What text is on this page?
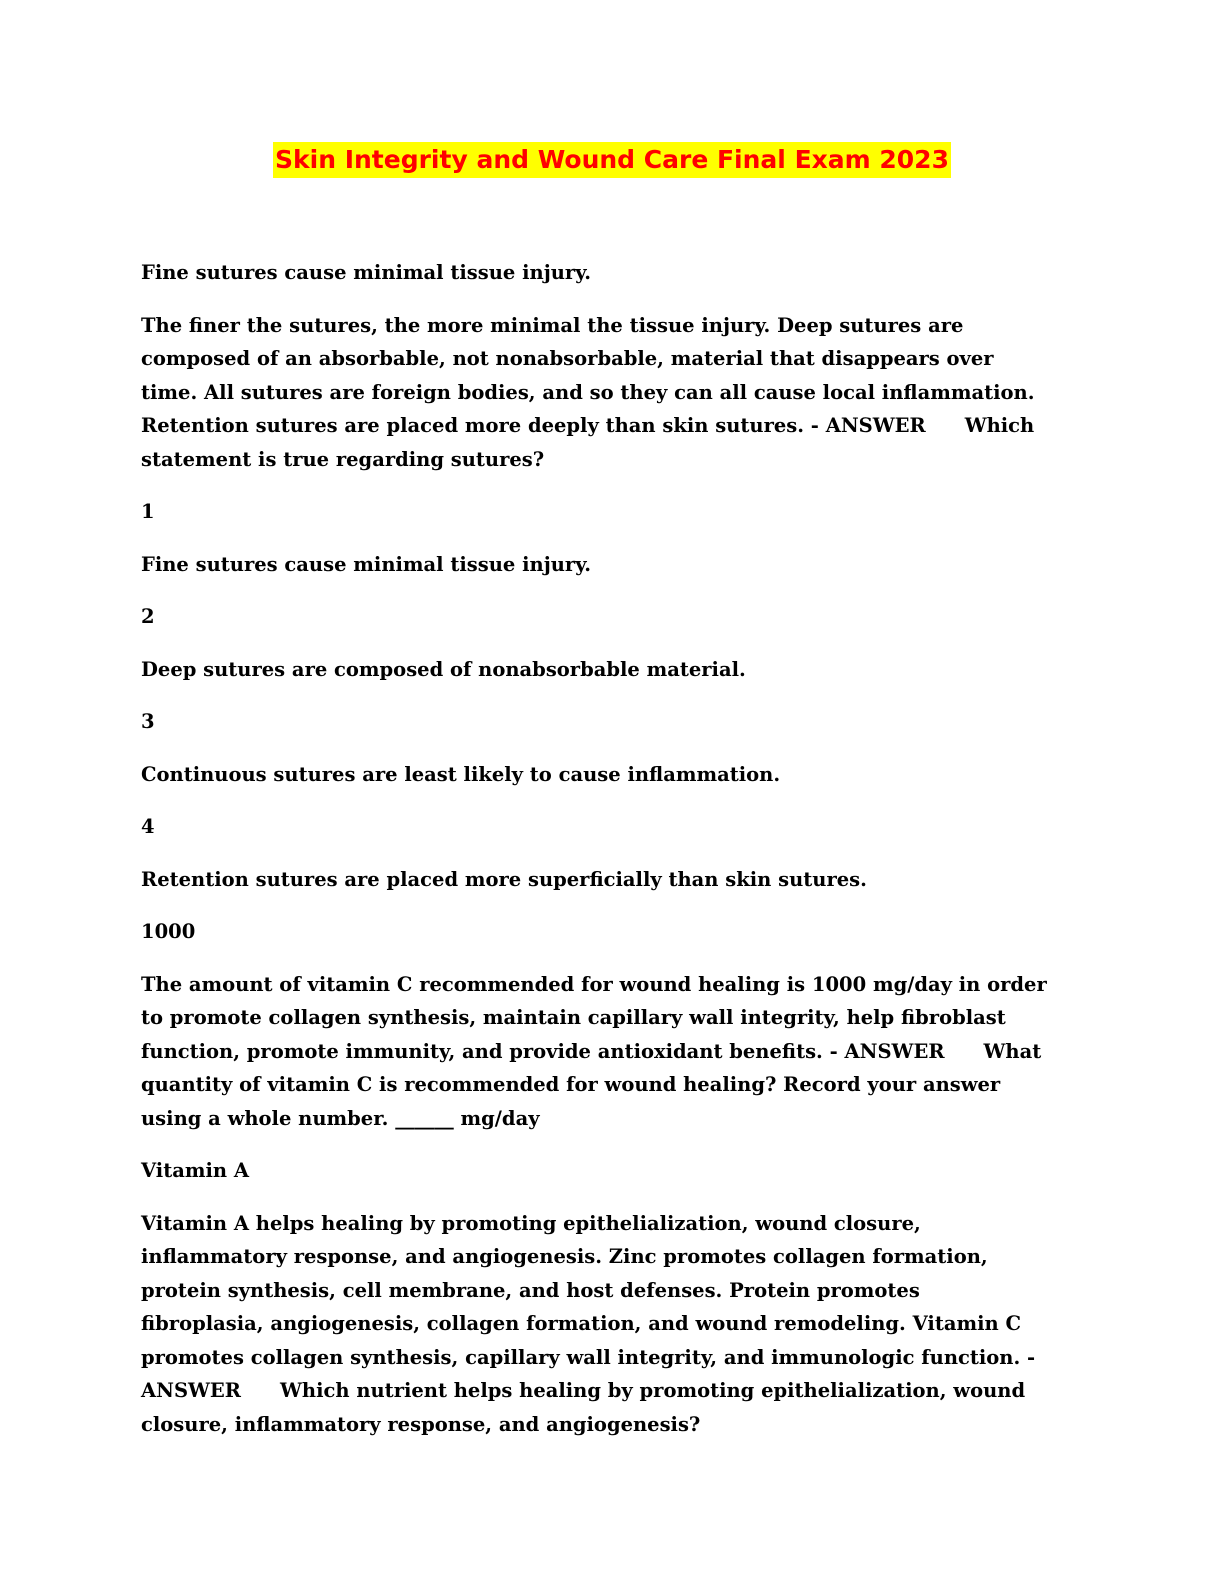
Skin Integrity and Wound Care Final Exam 2023
Fine sutures cause minimal tissue injury.
The finer the sutures, the more minimal the tissue injury. Deep sutures are
composed of an absorbable, not nonabsorbable, material that disappears over
time. All sutures are foreign bodies, and so they can all cause local inflammation.
Retention sutures are placed more deeply than skin sutures. - ANSWER  Which
statement is true regarding sutures?
1
Fine sutures cause minimal tissue injury.
2
Deep sutures are composed of nonabsorbable material.
3
Continuous sutures are least likely to cause inflammation.
4
Retention sutures are placed more superficially than skin sutures.
1000
The amount of vitamin C recommended for wound healing is 1000 mg/day in order
to promote collagen synthesis, maintain capillary wall integrity, help fibroblast
function, promote immunity, and provide antioxidant benefits. - ANSWER  What
quantity of vitamin C is recommended for wound healing? Record your answer
using a whole number. ______ mg/day
Vitamin A
Vitamin A helps healing by promoting epithelialization, wound closure,
inflammatory response, and angiogenesis. Zinc promotes collagen formation,
protein synthesis, cell membrane, and host defenses. Protein promotes
fibroplasia, angiogenesis, collagen formation, and wound remodeling. Vitamin C
promotes collagen synthesis, capillary wall integrity, and immunologic function. -
ANSWER  Which nutrient helps healing by promoting epithelialization, wound
closure, inflammatory response, and angiogenesis?
